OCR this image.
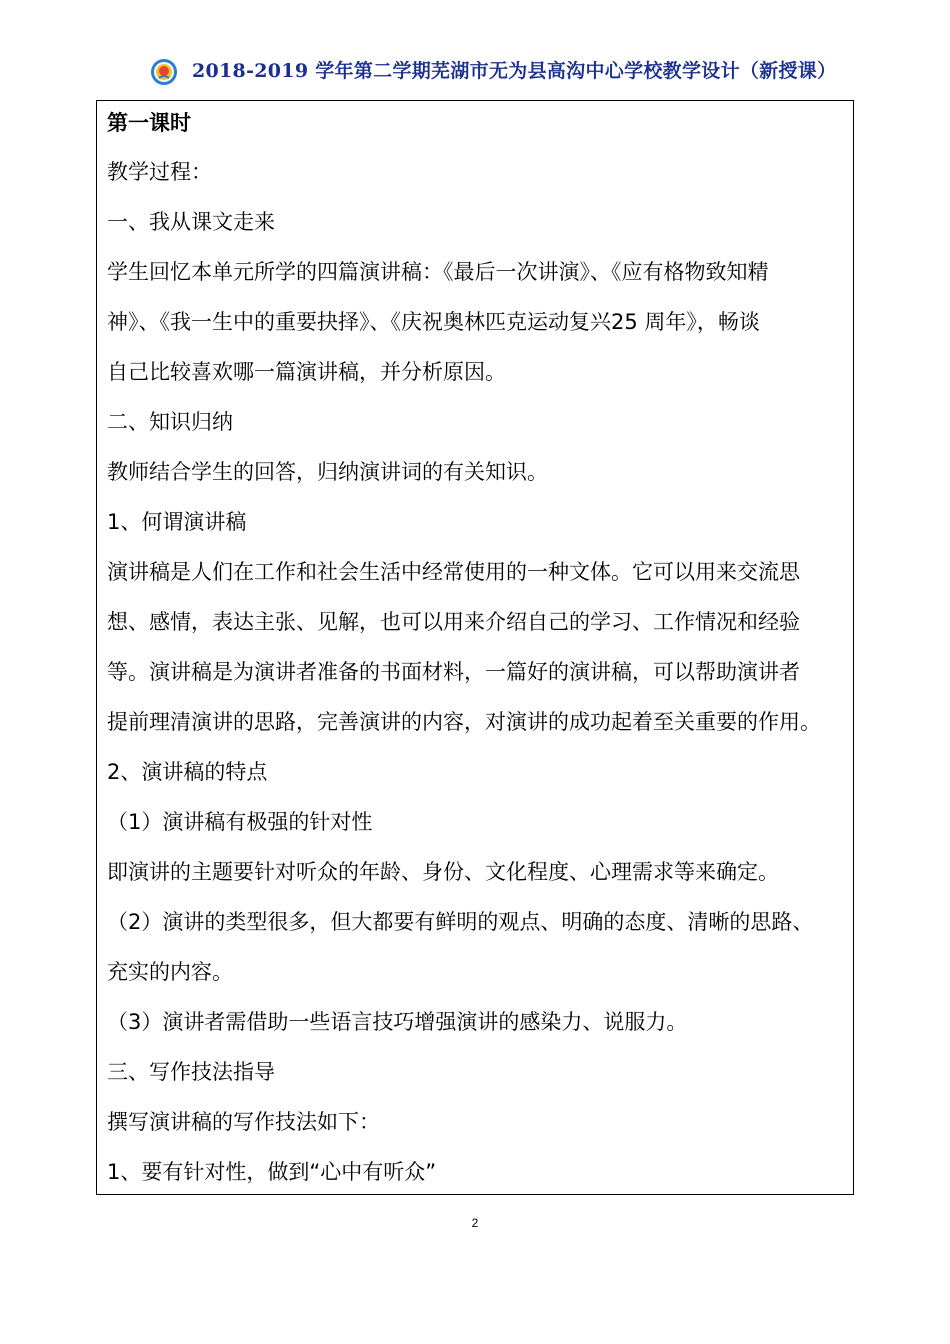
2018-2019 学年第二学期芜湖市无为县高沟中心学校教学设计（新授课）
第一课时
教学过程：
一、我从课文走来
学生回忆本单元所学的四篇演讲稿：《最后一次讲演》、《应有格物致知精
神》、《我一生中的重要抉择》、《庆祝奥林匹克运动复兴25 周年》，畅谈
自己比较喜欢哪一篇演讲稿，并分析原因。
二、知识归纳
教师结合学生的回答，归纳演讲词的有关知识。
1、何谓演讲稿
演讲稿是人们在工作和社会生活中经常使用的一种文体。它可以用来交流思
想、感情，表达主张、见解，也可以用来介绍自己的学习、工作情况和经验
等。演讲稿是为演讲者准备的书面材料，一篇好的演讲稿，可以帮助演讲者
提前理清演讲的思路，完善演讲的内容，对演讲的成功起着至关重要的作用。
2、演讲稿的特点
（1）演讲稿有极强的针对性
即演讲的主题要针对听众的年龄、身份、文化程度、心理需求等来确定。
（2）演讲的类型很多，但大都要有鲜明的观点、明确的态度、清晰的思路、
充实的内容。
（3）演讲者需借助一些语言技巧增强演讲的感染力、说服力。
三、写作技法指导
撰写演讲稿的写作技法如下：
1、要有针对性，做到“心中有听众”
2
